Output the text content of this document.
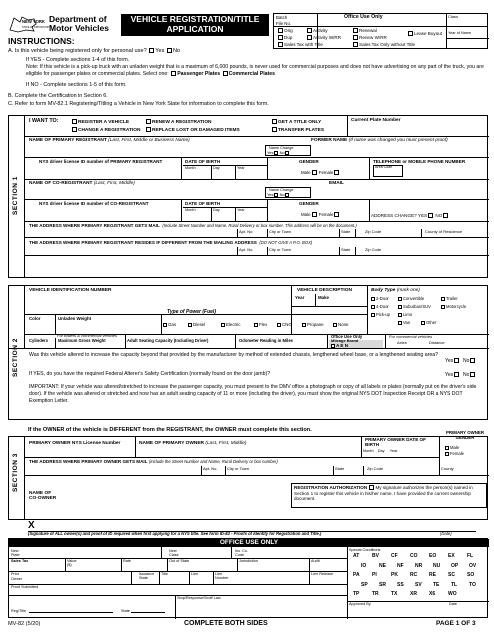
NEW YORK
STATE OF OPPORTUNITY
Department of
Motor Vehicles
VEHICLE REGISTRATION/TITLE
APPLICATION
Batch
File No.
Office Use Only	Class
Orig
Dup
Activity
Activity W/RR
Renewal
Renew W/RR
Lease Buyout Year of Name
Sales Tax with Title	Sales Tax Only without Title
INSTRUCTIONS:
A. Is this vehicle being registered only for personal use? Yes No
If YES - Complete sections 1-4 of this form.
Note: If this vehicle is a pick-up truck with an unladen weight that is a maximum of 6,000 pounds, is never used for commercial purposes and does not have advertising on any part of the truck, you are eligible for passenger plates or commercial plates. Select one: Passenger Plates Commercial Plates
If NO - Complete sections 1-5 of this form.
B. Complete the Certification in Section 6.
C. Refer to form MV-82.1 Registering/Titling a Vehicle in New York State for information to complete this form.
SECTION 1
I WANT TO:	REGISTER A VEHICLE
CHANGE A REGISTRATION
RENEW A REGISTRATION
REPLACE LOST OR DAMAGED ITEMS
GET A TITLE ONLY
TRANSFER PLATES
Current Plate Number
NAME OF PRIMARY REGISTRANT (Last, First, Middle or Business Name)	FORMER NAME (If name was changed you must present proof)
Name Change
Yes No
NYS driver license ID number of PRIMARY REGISTRANT	DATE OF BIRTH
Month	Day	Year
GENDER
Male Female
TELEPHONE or MOBILE PHONE NUMBER
Area Code
NAME OF CO-REGISTRANT (Last, First, Middle)	EMAIL
Name Change
Yes No
NYS driver license ID number of CO-REGISTRANT	DATE OF BIRTH
Month	Day	Year
GENDER
Male Female	ADDRESS CHANGE? YES NO
THE ADDRESS WHERE PRIMARY REGISTRANT GETS MAIL (Include Street Number and Name, Rural Delivery or box number. This address will be on the document.)
Apt. No.	City or Town	State	Zip Code	County of Residence
THE ADDRESS WHERE PRIMARY REGISTRANT RESIDES IF DIFFERENT FROM THE MAILING ADDRESS (DO NOT GIVE A P.O. BOX)
Apt. No.	City or Town	State	Zip Code
SECTION 2
VEHICLE IDENTIFICATION NUMBER	VEHICLE DESCRIPTION
Year	Make
Body Type (mark one)
2-Door	Convertible	Trailer
4-Door	Suburban/SUV	Motorcycle
Pick-up	Limo
Van	Other
Color	Unladen Weight
Type of Power (Fuel)
Gas	Diesel	Electric	Flex	CNG	Propane	None
For trailers & commercial vehicles
Cylinders Maximum Gross Weight	Adult Seating Capacity (Including Driver)	Odometer Reading in Miles
Office Use Only
Mileage Brand
A E N
For commercial vehicles
Axles	Distance
Was this vehicle altered to increase the capacity beyond that provided by the manufacturer by method of extended chassis, lengthened wheel base, or a lengthened seating area?
Yes No
If YES, do you have the required Federal Alterer's Safety Certification (normally found on the door jamb)?	Yes No
IMPORTANT: If your vehicle was altered/stretched to increase the passenger capacity, you must present to the DMV office a photograph or copy of all labels or plates (normally put on the driver's side door). If the vehicle was altered or stretched and now has an adult seating capacity of 11 or more (including the driver), you must show the original NYS DOT Inspection Receipt OR a NYS DOT Exemption Letter.
If the OWNER of the vehicle is DIFFERENT from the REGISTRANT, the OWNER must complete this section.
SECTION 3
PRIMARY OWNER NYS License Number	NAME OF PRIMARY OWNER (Last, First, Middle)
PRIMARY OWNER DATE OF BIRTH
Month Day Year
PRIMARY OWNER GENDER
Male
Female
THE ADDRESS WHERE PRIMARY OWNER GETS MAIL (Include the Street Number and Name, Rural Delivery or box number)
Apt. No. City or Town	State	Zip Code	County
NAME OF CO-OWNER
REGISTRATION AUTHORIZATION My signature authorizes the person(s) named in Section 1 to register this vehicle in his/her name. I have provided the current ownership document.
X
(Signature of ALL owner(s) and proof of ID required when first applying for a NYS title. See form ID-82 - Proofs of Identity for Registration and Title.)	(Date)
OFFICE USE ONLY
New
Plate
New Class
Ins. Co. Code
Sales Tax	Value ($)
Rate	Out of State	Jurisdiction	Audit
Prior
Owner
Issuance State
Title	Lien	Lien Number
Lien Release
Proof Submitted
Reg/Title	State
Stop/Response/Scoff Law
Special Conditions
AT	BV	CF	CO	EO	EX	FL
IO	NE	NF	NR	NU	OP	OV
PA	PI	PK	RC	RE	SC	SO
SP	SR	SS	SV	TE	TL	TO
TP	TR	TX	XR	X6	WO
Approved By	Date
MV-82 (5/20)	COMPLETE BOTH SIDES	PAGE 1 OF 3
